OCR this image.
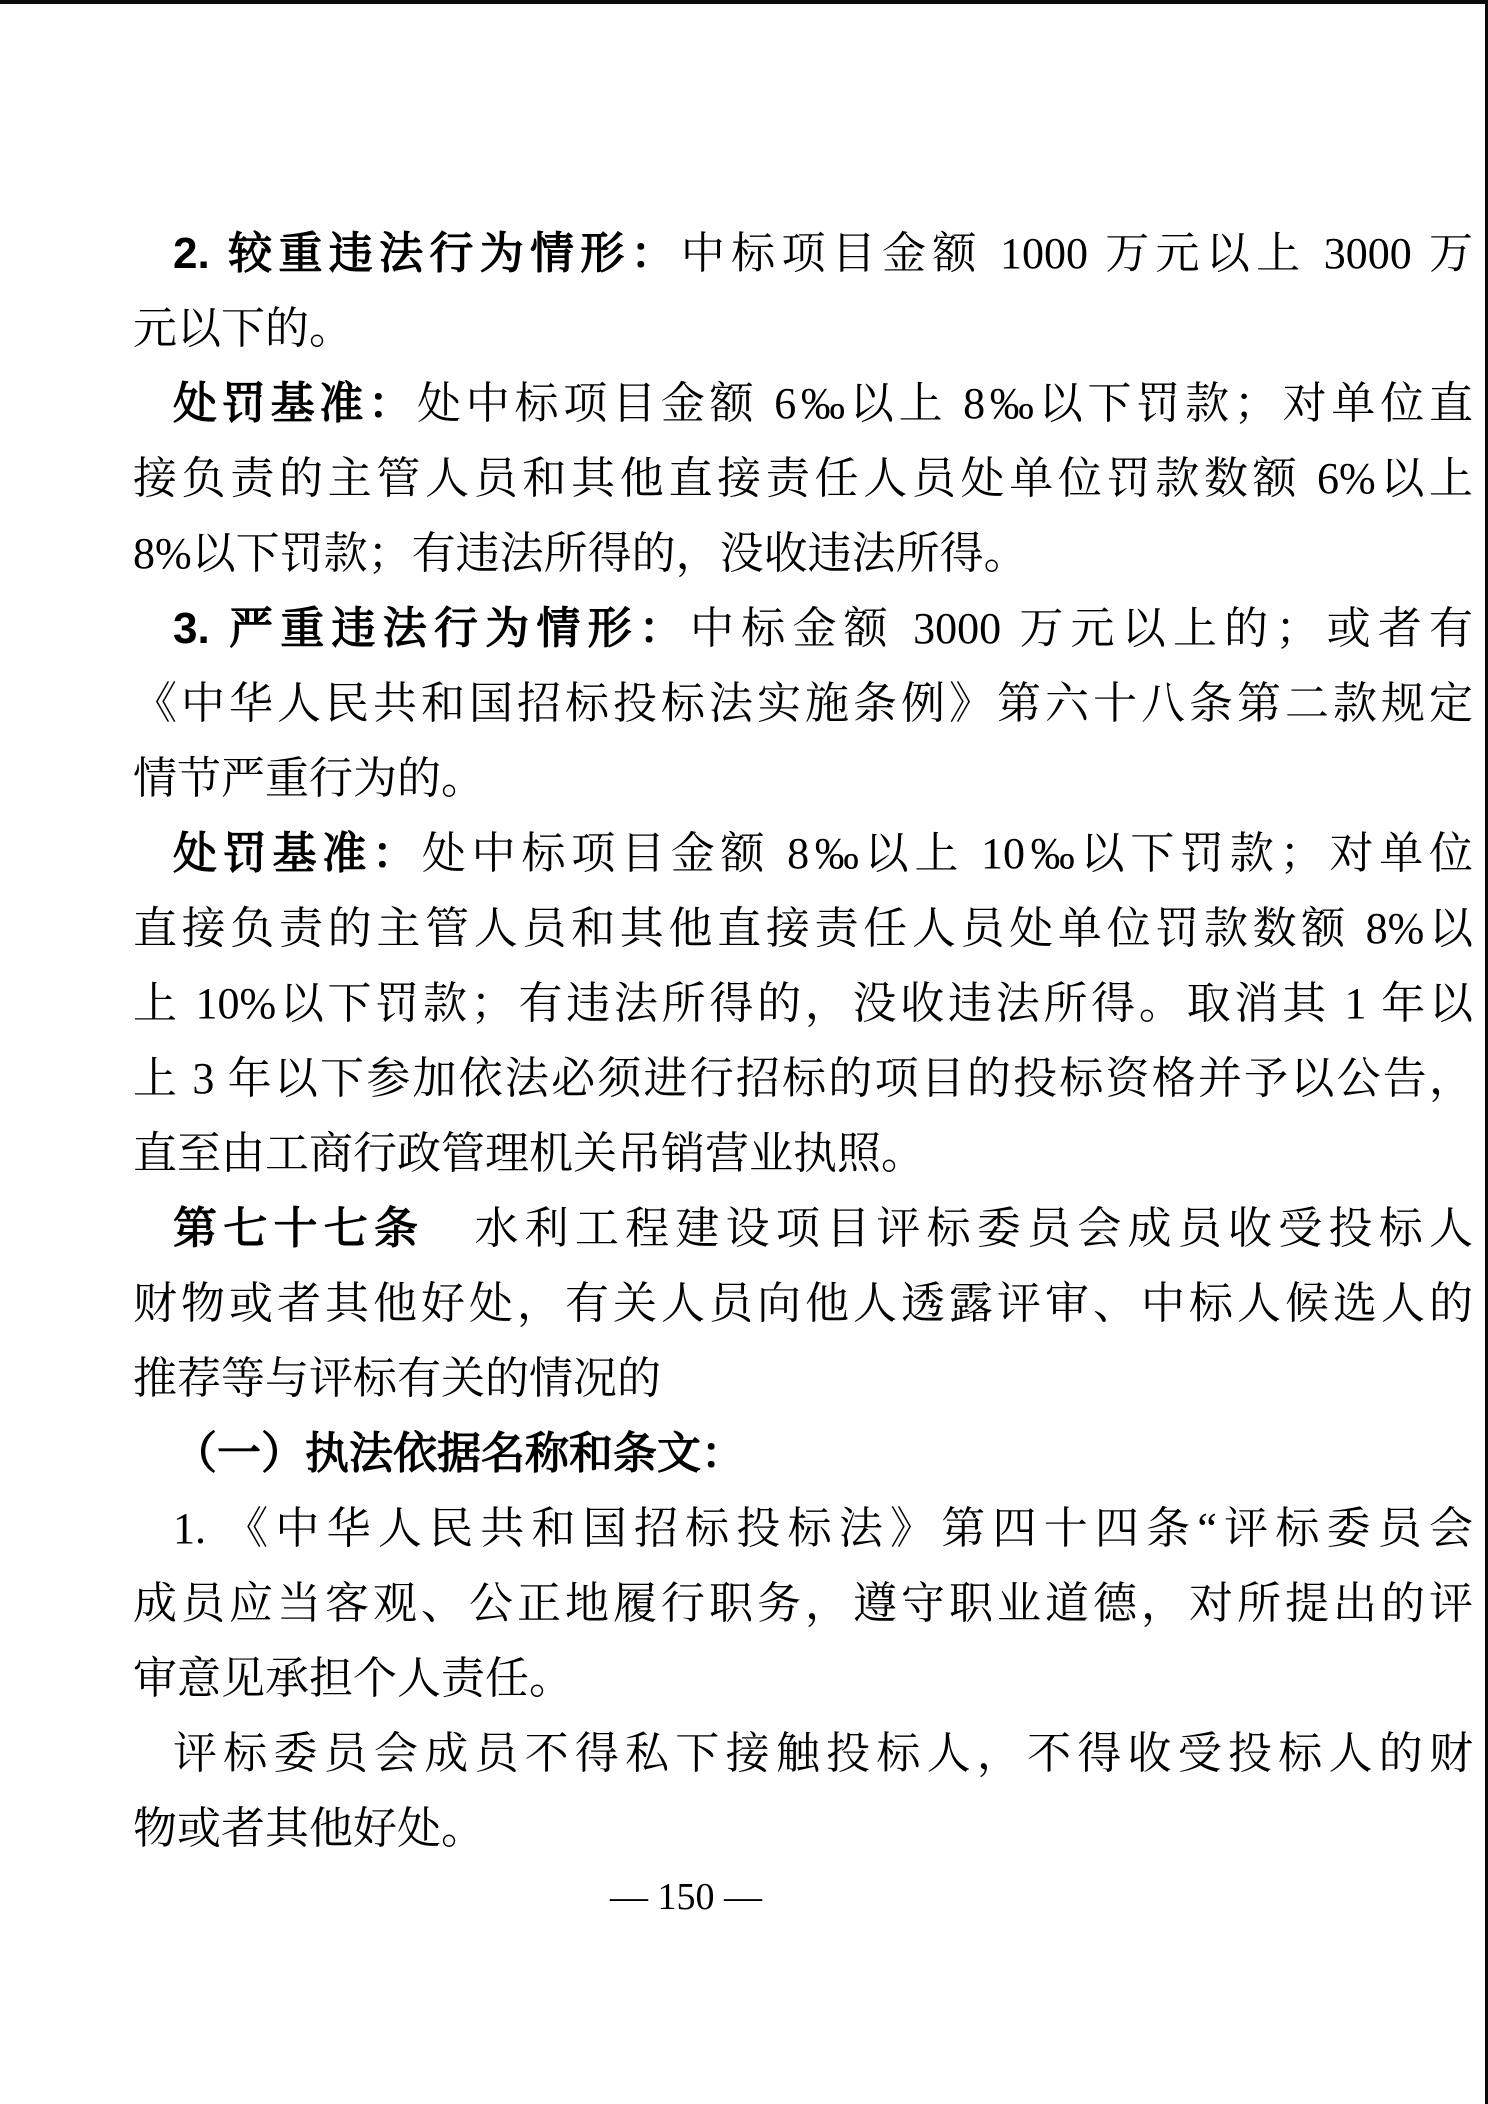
2. 较重违法行为情形：中标项目金额 1000 万元以上 3000 万
元以下的。
处罚基准：处中标项目金额 6‰以上 8‰以下罚款；对单位直
接负责的主管人员和其他直接责任人员处单位罚款数额 6%以上
8%以下罚款；有违法所得的，没收违法所得。
3. 严重违法行为情形：中标金额 3000 万元以上的；或者有
《中华人民共和国招标投标法实施条例》第六十八条第二款规定
情节严重行为的。
处罚基准：处中标项目金额 8‰以上 10‰以下罚款；对单位
直接负责的主管人员和其他直接责任人员处单位罚款数额 8%以
上 10%以下罚款；有违法所得的，没收违法所得。取消其 1 年以
上 3 年以下参加依法必须进行招标的项目的投标资格并予以公告，
直至由工商行政管理机关吊销营业执照。
第七十七条　水利工程建设项目评标委员会成员收受投标人
财物或者其他好处，有关人员向他人透露评审、中标人候选人的
推荐等与评标有关的情况的
（一）执法依据名称和条文：
1. 《中华人民共和国招标投标法》第四十四条“评标委员会
成员应当客观、公正地履行职务，遵守职业道德，对所提出的评
审意见承担个人责任。
评标委员会成员不得私下接触投标人，不得收受投标人的财
物或者其他好处。
— 150 —
